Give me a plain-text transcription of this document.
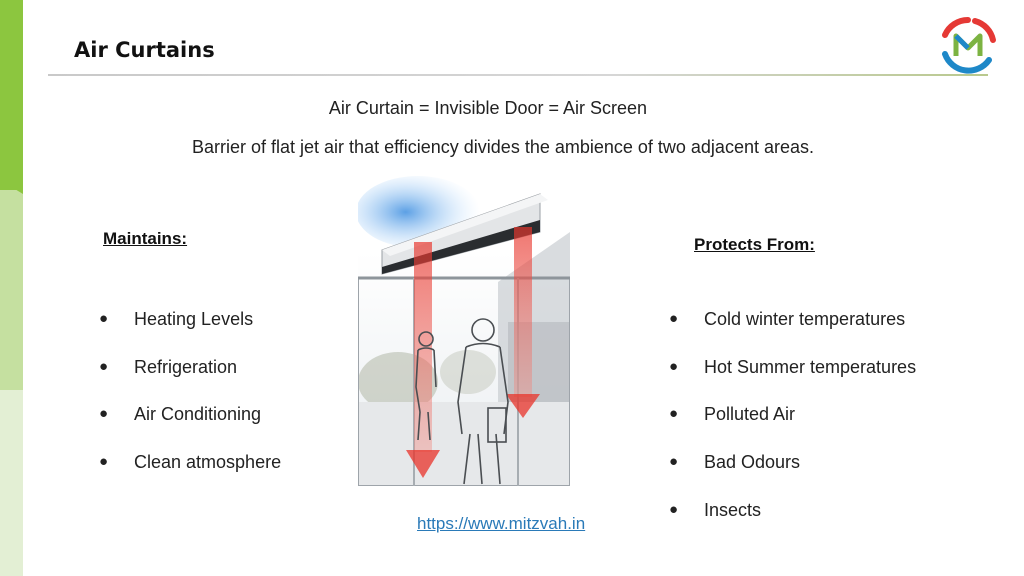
Air Curtains
Air Curtain = Invisible Door = Air Screen
Barrier of flat jet air that efficiency divides the ambience of two adjacent areas.
Maintains:
● Heating Levels
● Refrigeration
● Air Conditioning
● Clean atmosphere
Protects From:
● Cold winter temperatures
● Hot Summer temperatures
● Polluted Air
● Bad Odours
● Insects
https://www.mitzvah.in
